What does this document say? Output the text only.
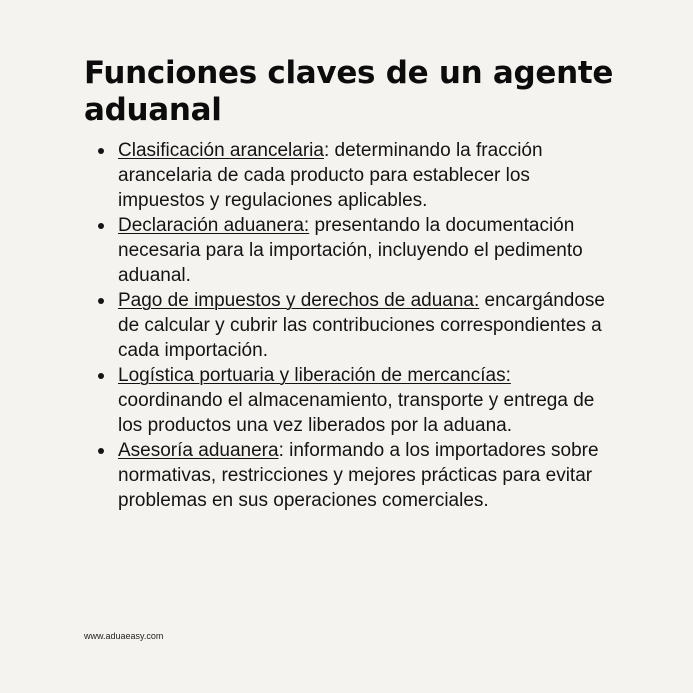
Funciones claves de un agente aduanal
Clasificación arancelaria: determinando la fracción arancelaria de cada producto para establecer los impuestos y regulaciones aplicables.
Declaración aduanera: presentando la documentación necesaria para la importación, incluyendo el pedimento aduanal.
Pago de impuestos y derechos de aduana: encargándose de calcular y cubrir las contribuciones correspondientes a cada importación.
Logística portuaria y liberación de mercancías: coordinando el almacenamiento, transporte y entrega de los productos una vez liberados por la aduana.
Asesoría aduanera: informando a los importadores sobre normativas, restricciones y mejores prácticas para evitar problemas en sus operaciones comerciales.
www.aduaeasy.com
